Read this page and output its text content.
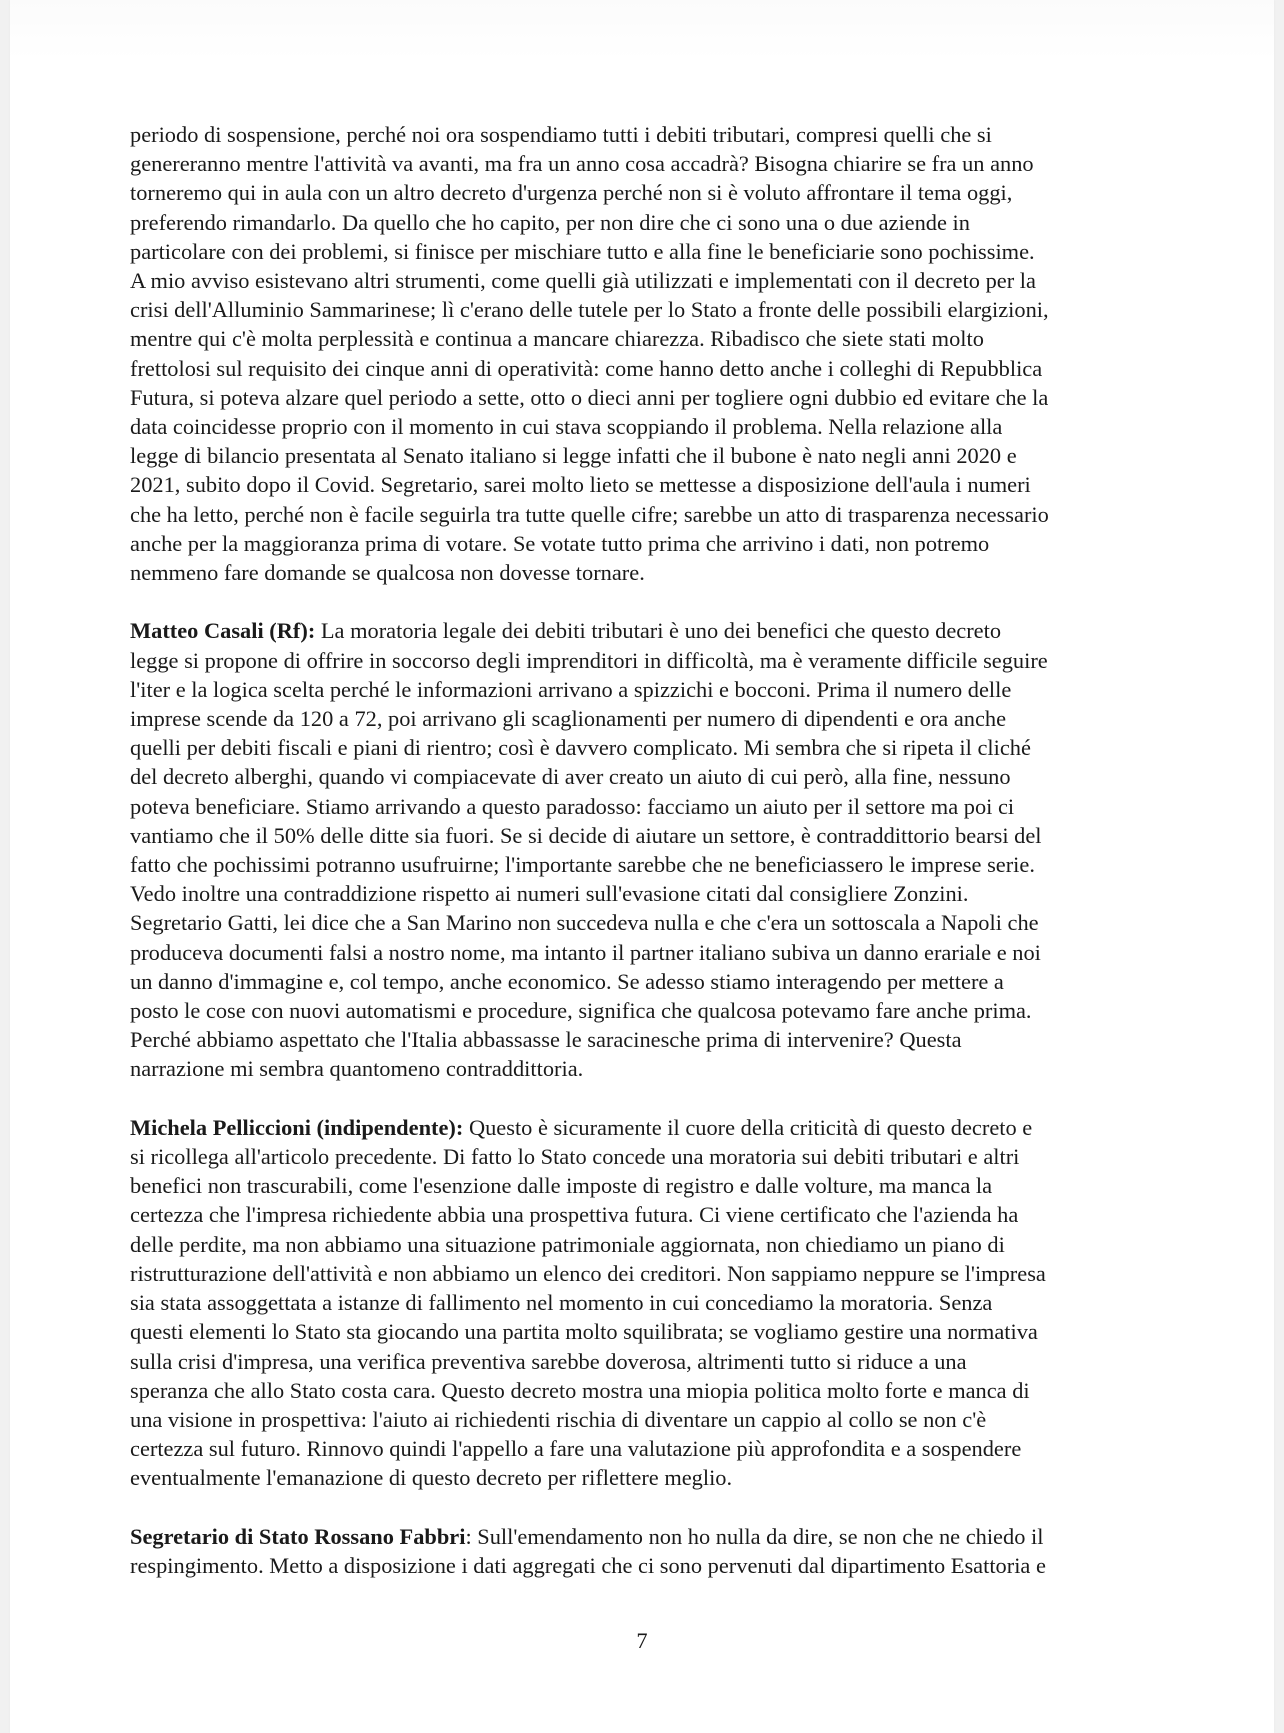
periodo di sospensione, perché noi ora sospendiamo tutti i debiti tributari, compresi quelli che si
genereranno mentre l'attività va avanti, ma fra un anno cosa accadrà? Bisogna chiarire se fra un anno
torneremo qui in aula con un altro decreto d'urgenza perché non si è voluto affrontare il tema oggi,
preferendo rimandarlo. Da quello che ho capito, per non dire che ci sono una o due aziende in
particolare con dei problemi, si finisce per mischiare tutto e alla fine le beneficiarie sono pochissime.
A mio avviso esistevano altri strumenti, come quelli già utilizzati e implementati con il decreto per la
crisi dell'Alluminio Sammarinese; lì c'erano delle tutele per lo Stato a fronte delle possibili elargizioni,
mentre qui c'è molta perplessità e continua a mancare chiarezza. Ribadisco che siete stati molto
frettolosi sul requisito dei cinque anni di operatività: come hanno detto anche i colleghi di Repubblica
Futura, si poteva alzare quel periodo a sette, otto o dieci anni per togliere ogni dubbio ed evitare che la
data coincidesse proprio con il momento in cui stava scoppiando il problema. Nella relazione alla
legge di bilancio presentata al Senato italiano si legge infatti che il bubone è nato negli anni 2020 e
2021, subito dopo il Covid. Segretario, sarei molto lieto se mettesse a disposizione dell'aula i numeri
che ha letto, perché non è facile seguirla tra tutte quelle cifre; sarebbe un atto di trasparenza necessario
anche per la maggioranza prima di votare. Se votate tutto prima che arrivino i dati, non potremo
nemmeno fare domande se qualcosa non dovesse tornare.

Matteo Casali (Rf): La moratoria legale dei debiti tributari è uno dei benefici che questo decreto
legge si propone di offrire in soccorso degli imprenditori in difficoltà, ma è veramente difficile seguire
l'iter e la logica scelta perché le informazioni arrivano a spizzichi e bocconi. Prima il numero delle
imprese scende da 120 a 72, poi arrivano gli scaglionamenti per numero di dipendenti e ora anche
quelli per debiti fiscali e piani di rientro; così è davvero complicato. Mi sembra che si ripeta il cliché
del decreto alberghi, quando vi compiacevate di aver creato un aiuto di cui però, alla fine, nessuno
poteva beneficiare. Stiamo arrivando a questo paradosso: facciamo un aiuto per il settore ma poi ci
vantiamo che il 50% delle ditte sia fuori. Se si decide di aiutare un settore, è contraddittorio bearsi del
fatto che pochissimi potranno usufruirne; l'importante sarebbe che ne beneficiassero le imprese serie.
Vedo inoltre una contraddizione rispetto ai numeri sull'evasione citati dal consigliere Zonzini.
Segretario Gatti, lei dice che a San Marino non succedeva nulla e che c'era un sottoscala a Napoli che
produceva documenti falsi a nostro nome, ma intanto il partner italiano subiva un danno erariale e noi
un danno d'immagine e, col tempo, anche economico. Se adesso stiamo interagendo per mettere a
posto le cose con nuovi automatismi e procedure, significa che qualcosa potevamo fare anche prima.
Perché abbiamo aspettato che l'Italia abbassasse le saracinesche prima di intervenire? Questa
narrazione mi sembra quantomeno contraddittoria.

Michela Pelliccioni (indipendente): Questo è sicuramente il cuore della criticità di questo decreto e
si ricollega all'articolo precedente. Di fatto lo Stato concede una moratoria sui debiti tributari e altri
benefici non trascurabili, come l'esenzione dalle imposte di registro e dalle volture, ma manca la
certezza che l'impresa richiedente abbia una prospettiva futura. Ci viene certificato che l'azienda ha
delle perdite, ma non abbiamo una situazione patrimoniale aggiornata, non chiediamo un piano di
ristrutturazione dell'attività e non abbiamo un elenco dei creditori. Non sappiamo neppure se l'impresa
sia stata assoggettata a istanze di fallimento nel momento in cui concediamo la moratoria. Senza
questi elementi lo Stato sta giocando una partita molto squilibrata; se vogliamo gestire una normativa
sulla crisi d'impresa, una verifica preventiva sarebbe doverosa, altrimenti tutto si riduce a una
speranza che allo Stato costa cara. Questo decreto mostra una miopia politica molto forte e manca di
una visione in prospettiva: l'aiuto ai richiedenti rischia di diventare un cappio al collo se non c'è
certezza sul futuro. Rinnovo quindi l'appello a fare una valutazione più approfondita e a sospendere
eventualmente l'emanazione di questo decreto per riflettere meglio.

Segretario di Stato Rossano Fabbri: Sull'emendamento non ho nulla da dire, se non che ne chiedo il
respingimento. Metto a disposizione i dati aggregati che ci sono pervenuti dal dipartimento Esattoria e

7
